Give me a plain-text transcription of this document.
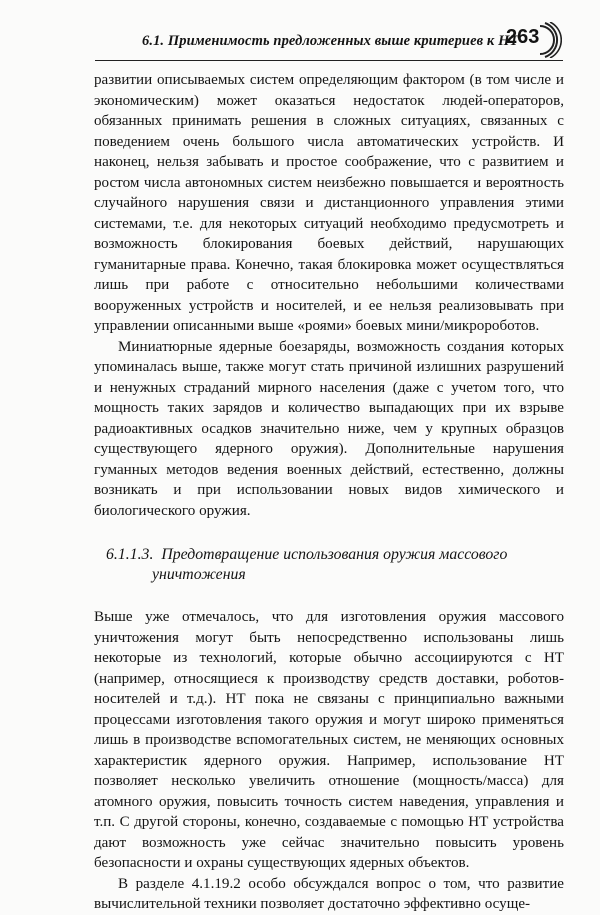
6.1. Применимость предложенных выше критериев к НТ
263

развитии описываемых систем определяющим фактором (в том числе и экономическим) может оказаться недостаток людей-операторов, обязанных принимать решения в сложных ситуациях, связанных с поведением очень большого числа автоматических устройств. И наконец, нельзя забывать и простое соображение, что с развитием и ростом числа автономных систем неизбежно повышается и вероятность случайного нарушения связи и дистанционного управления этими системами, т.е. для некоторых ситуаций необходимо предусмотреть и возможность блокирования боевых действий, нарушающих гуманитарные права. Конечно, такая блокировка может осуществляться лишь при работе с относительно небольшими количествами вооруженных устройств и носителей, и ее нельзя реализовывать при управлении описанными выше «роями» боевых мини/микророботов.

Миниатюрные ядерные боезаряды, возможность создания которых упоминалась выше, также могут стать причиной излишних разрушений и ненужных страданий мирного населения (даже с учетом того, что мощность таких зарядов и количество выпадающих при их взрыве радиоактивных осадков значительно ниже, чем у крупных образцов существующего ядерного оружия). Дополнительные нарушения гуманных методов ведения военных действий, естественно, должны возникать и при использовании новых видов химического и биологического оружия.

6.1.1.3. Предотвращение использования оружия массового
уничтожения

Выше уже отмечалось, что для изготовления оружия массового уничтожения могут быть непосредственно использованы лишь некоторые из технологий, которые обычно ассоциируются с НТ (например, относящиеся к производству средств доставки, роботов-носителей и т.д.). НТ пока не связаны с принципиально важными процессами изготовления такого оружия и могут широко применяться лишь в производстве вспомогательных систем, не меняющих основных характеристик ядерного оружия. Например, использование НТ позволяет несколько увеличить отношение (мощность/масса) для атомного оружия, повысить точность систем наведения, управления и т.п. С другой стороны, конечно, создаваемые с помощью НТ устройства дают возможность уже сейчас значительно повысить уровень безопасности и охраны существующих ядерных объектов.

В разделе 4.1.19.2 особо обсуждался вопрос о том, что развитие вычислительной техники позволяет достаточно эффективно осуще-
